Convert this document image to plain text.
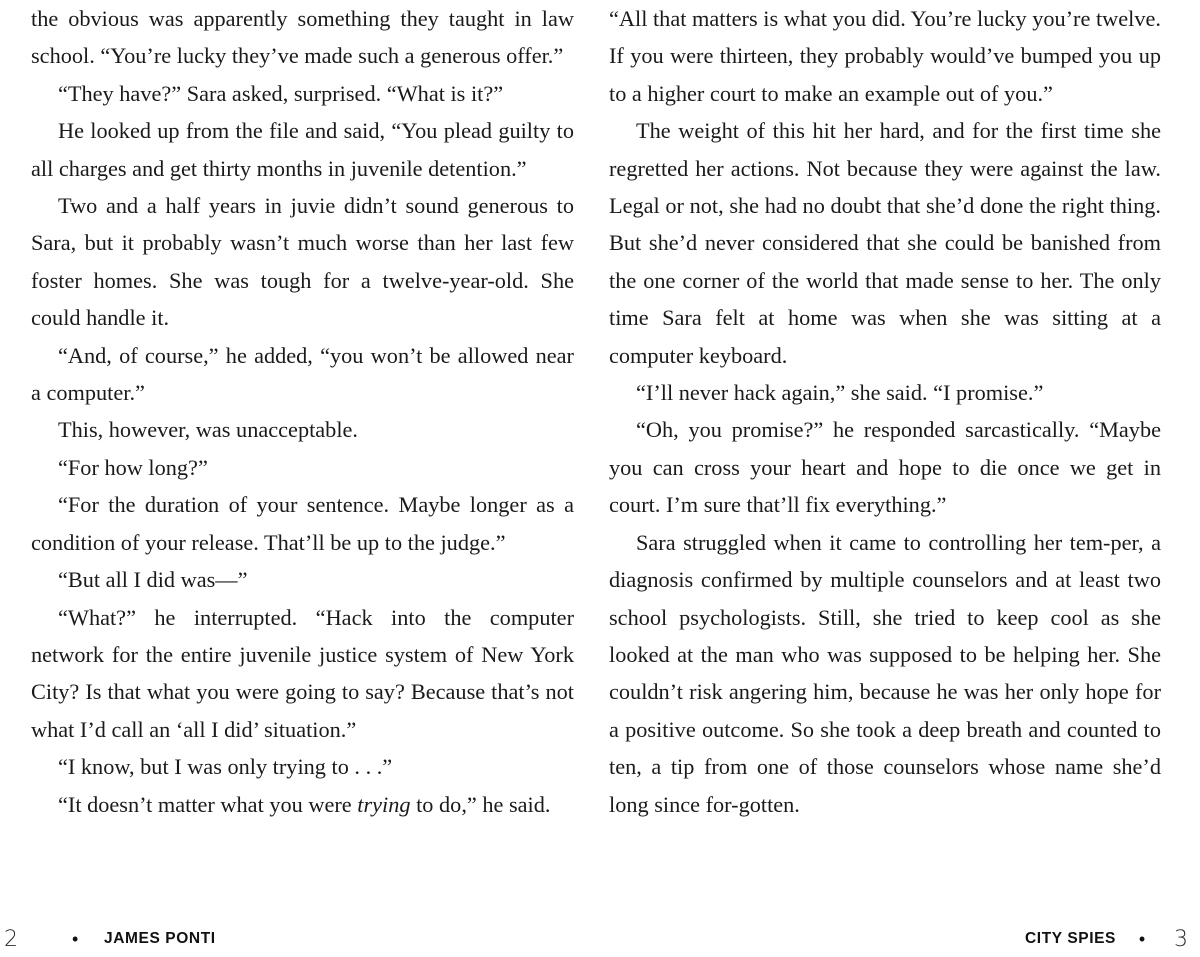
the obvious was apparently something they taught in law school. “You’re lucky they’ve made such a generous offer.”

“They have?” Sara asked, surprised. “What is it?”

He looked up from the file and said, “You plead guilty to all charges and get thirty months in juvenile detention.”

Two and a half years in juvie didn’t sound generous to Sara, but it probably wasn’t much worse than her last few foster homes. She was tough for a twelve-year-old. She could handle it.

“And, of course,” he added, “you won’t be allowed near a computer.”

This, however, was unacceptable.

“For how long?”

“For the duration of your sentence. Maybe longer as a condition of your release. That’ll be up to the judge.”

“But all I did was—”

“What?” he interrupted. “Hack into the computer network for the entire juvenile justice system of New York City? Is that what you were going to say? Because that’s not what I’d call an ‘all I did’ situation.”

“I know, but I was only trying to . . .”

“It doesn’t matter what you were trying to do,” he said.

“All that matters is what you did. You’re lucky you’re twelve. If you were thirteen, they probably would’ve bumped you up to a higher court to make an example out of you.”

The weight of this hit her hard, and for the first time she regretted her actions. Not because they were against the law. Legal or not, she had no doubt that she’d done the right thing. But she’d never considered that she could be banished from the one corner of the world that made sense to her. The only time Sara felt at home was when she was sitting at a computer keyboard.

“I’ll never hack again,” she said. “I promise.”

“Oh, you promise?” he responded sarcastically. “Maybe you can cross your heart and hope to die once we get in court. I’m sure that’ll fix everything.”

Sara struggled when it came to controlling her tem-per, a diagnosis confirmed by multiple counselors and at least two school psychologists. Still, she tried to keep cool as she looked at the man who was supposed to be helping her. She couldn’t risk angering him, because he was her only hope for a positive outcome. So she took a deep breath and counted to ten, a tip from one of those counselors whose name she’d long since for-gotten.

2	•	JAMES PONTI	CITY SPIES	•	3
